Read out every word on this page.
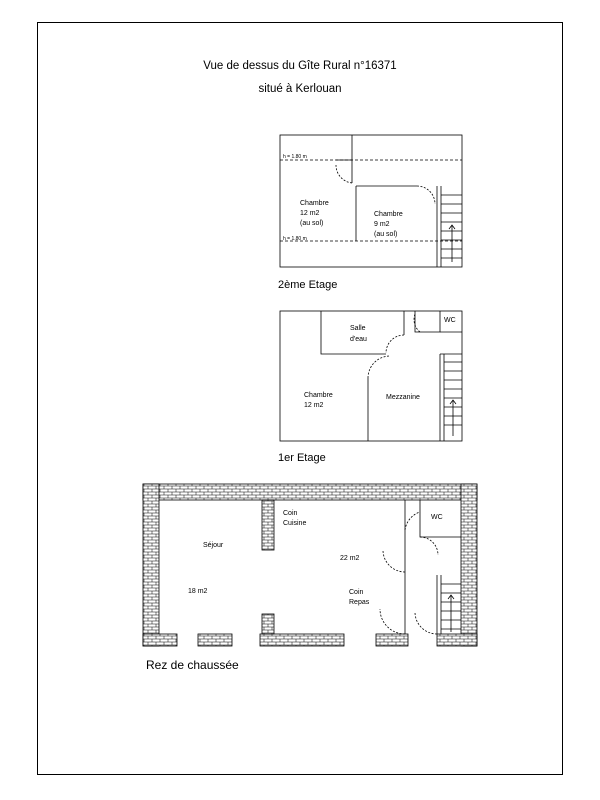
Vue de dessus du Gîte Rural n°16371
situé à Kerlouan
2ème Etage
1er Etage
Rez de chaussée
h = 1.80 m
h = 1.80 m
Chambre
12 m2
(au sol)
Chambre
9 m2
(au sol)
Salle
d'eau
WC
Chambre
12 m2
Mezzanine
Séjour
18 m2
Coin
Cuisine
22 m2
Coin
Repas
WC
